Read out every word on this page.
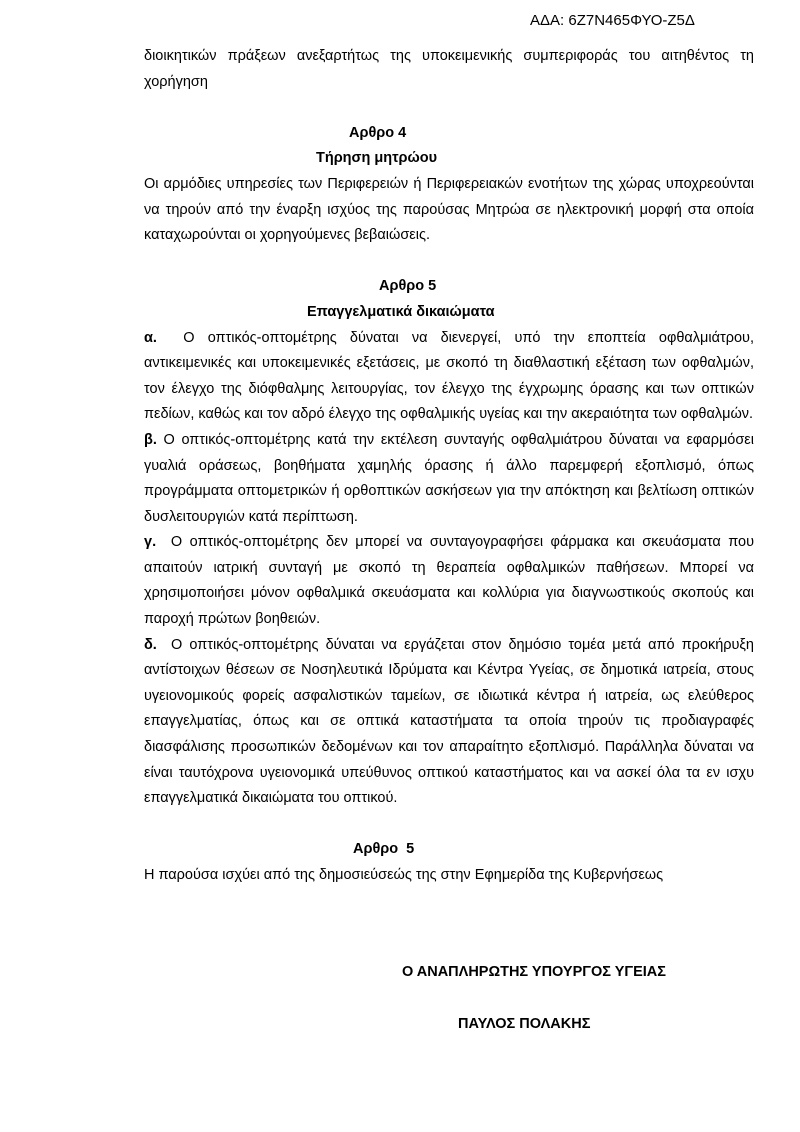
ΑΔΑ: 6Ζ7Ν465ΦΥΟ-Ζ5Δ

διοικητικών πράξεων ανεξαρτήτως της υποκειμενικής συμπεριφοράς του αιτηθέντος τη χορήγηση

Αρθρο 4

Τήρηση μητρώου

Οι αρμόδιες υπηρεσίες των Περιφερειών ή Περιφερειακών ενοτήτων της χώρας υποχρεούνται να τηρούν από την έναρξη ισχύος της παρούσας Μητρώα σε ηλεκτρονική μορφή στα οποία καταχωρούνται οι χορηγούμενες βεβαιώσεις.

Αρθρο 5

Επαγγελματικά δικαιώματα

α. Ο οπτικός-οπτομέτρης δύναται να διενεργεί, υπό την εποπτεία οφθαλμιάτρου, αντικειμενικές και υποκειμενικές εξετάσεις, με σκοπό τη διαθλαστική εξέταση των οφθαλμών, τον έλεγχο της διόφθαλμης λειτουργίας, τον έλεγχο της έγχρωμης όρασης και των οπτικών πεδίων, καθώς και τον αδρό έλεγχο της οφθαλμικής υγείας και την ακεραιότητα των οφθαλμών.

β. Ο οπτικός-οπτομέτρης κατά την εκτέλεση συνταγής οφθαλμιάτρου δύναται να εφαρμόσει γυαλιά οράσεως, βοηθήματα χαμηλής όρασης ή άλλο παρεμφερή εξοπλισμό, όπως προγράμματα οπτομετρικών ή ορθοπτικών ασκήσεων για την απόκτηση και βελτίωση οπτικών δυσλειτουργιών κατά περίπτωση.

γ. Ο οπτικός-οπτομέτρης δεν μπορεί να συνταγογραφήσει φάρμακα και σκευάσματα που απαιτούν ιατρική συνταγή με σκοπό τη θεραπεία οφθαλμικών παθήσεων. Μπορεί να χρησιμοποιήσει μόνον οφθαλμικά σκευάσματα και κολλύρια για διαγνωστικούς σκοπούς και παροχή πρώτων βοηθειών.

δ. Ο οπτικός-οπτομέτρης δύναται να εργάζεται στον δημόσιο τομέα μετά από προκήρυξη αντίστοιχων θέσεων σε Νοσηλευτικά Ιδρύματα και Κέντρα Υγείας, σε δημοτικά ιατρεία, στους υγειονομικούς φορείς ασφαλιστικών ταμείων, σε ιδιωτικά κέντρα ή ιατρεία, ως ελεύθερος επαγγελματίας, όπως και σε οπτικά καταστήματα τα οποία τηρούν τις προδιαγραφές διασφάλισης προσωπικών δεδομένων και τον απαραίτητο εξοπλισμό. Παράλληλα δύναται να είναι ταυτόχρονα υγειονομικά υπεύθυνος οπτικού καταστήματος και να ασκεί όλα τα εν ισχυ επαγγελματικά δικαιώματα του οπτικού.

Αρθρο 5

Η παρούσα ισχύει από της δημοσιεύσεώς της στην Εφημερίδα της Κυβερνήσεως

Ο ΑΝΑΠΛΗΡΩΤΗΣ ΥΠΟΥΡΓΟΣ ΥΓΕΙΑΣ
ΠΑΥΛΟΣ ΠΟΛΑΚΗΣ
